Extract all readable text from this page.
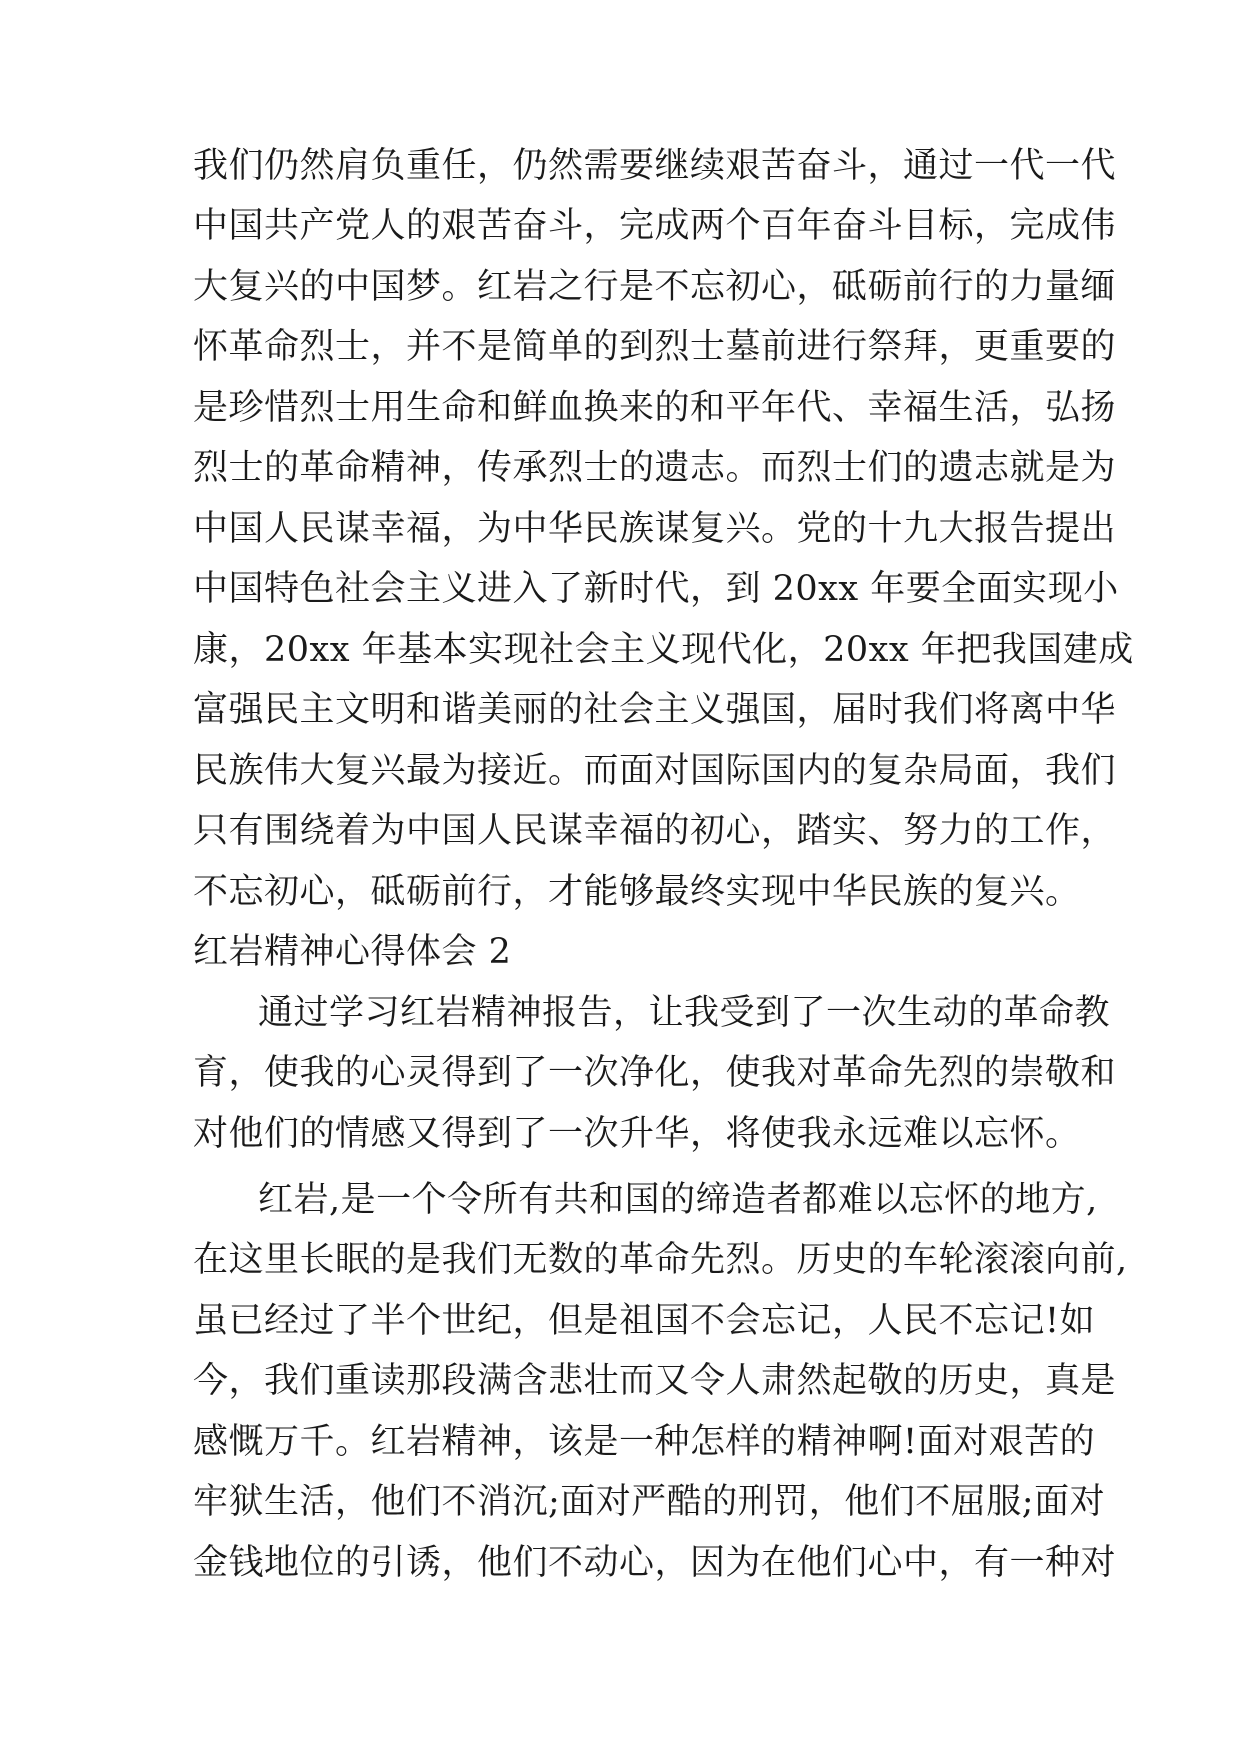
我们仍然肩负重任，仍然需要继续艰苦奋斗，通过一代一代
中国共产党人的艰苦奋斗，完成两个百年奋斗目标，完成伟
大复兴的中国梦。红岩之行是不忘初心，砥砺前行的力量缅
怀革命烈士，并不是简单的到烈士墓前进行祭拜，更重要的
是珍惜烈士用生命和鲜血换来的和平年代、幸福生活，弘扬
烈士的革命精神，传承烈士的遗志。而烈士们的遗志就是为
中国人民谋幸福，为中华民族谋复兴。党的十九大报告提出
中国特色社会主义进入了新时代，到 20xx 年要全面实现小
康，20xx 年基本实现社会主义现代化，20xx 年把我国建成
富强民主文明和谐美丽的社会主义强国，届时我们将离中华
民族伟大复兴最为接近。而面对国际国内的复杂局面，我们
只有围绕着为中国人民谋幸福的初心，踏实、努力的工作，
不忘初心，砥砺前行，才能够最终实现中华民族的复兴。
红岩精神心得体会 2
通过学习红岩精神报告，让我受到了一次生动的革命教
育，使我的心灵得到了一次净化，使我对革命先烈的崇敬和
对他们的情感又得到了一次升华，将使我永远难以忘怀。
红岩,是一个令所有共和国的缔造者都难以忘怀的地方,
在这里长眠的是我们无数的革命先烈。历史的车轮滚滚向前,
虽已经过了半个世纪，但是祖国不会忘记，人民不忘记!如
今，我们重读那段满含悲壮而又令人肃然起敬的历史，真是
感慨万千。红岩精神，该是一种怎样的精神啊!面对艰苦的
牢狱生活，他们不消沉;面对严酷的刑罚，他们不屈服;面对
金钱地位的引诱，他们不动心，因为在他们心中，有一种对
